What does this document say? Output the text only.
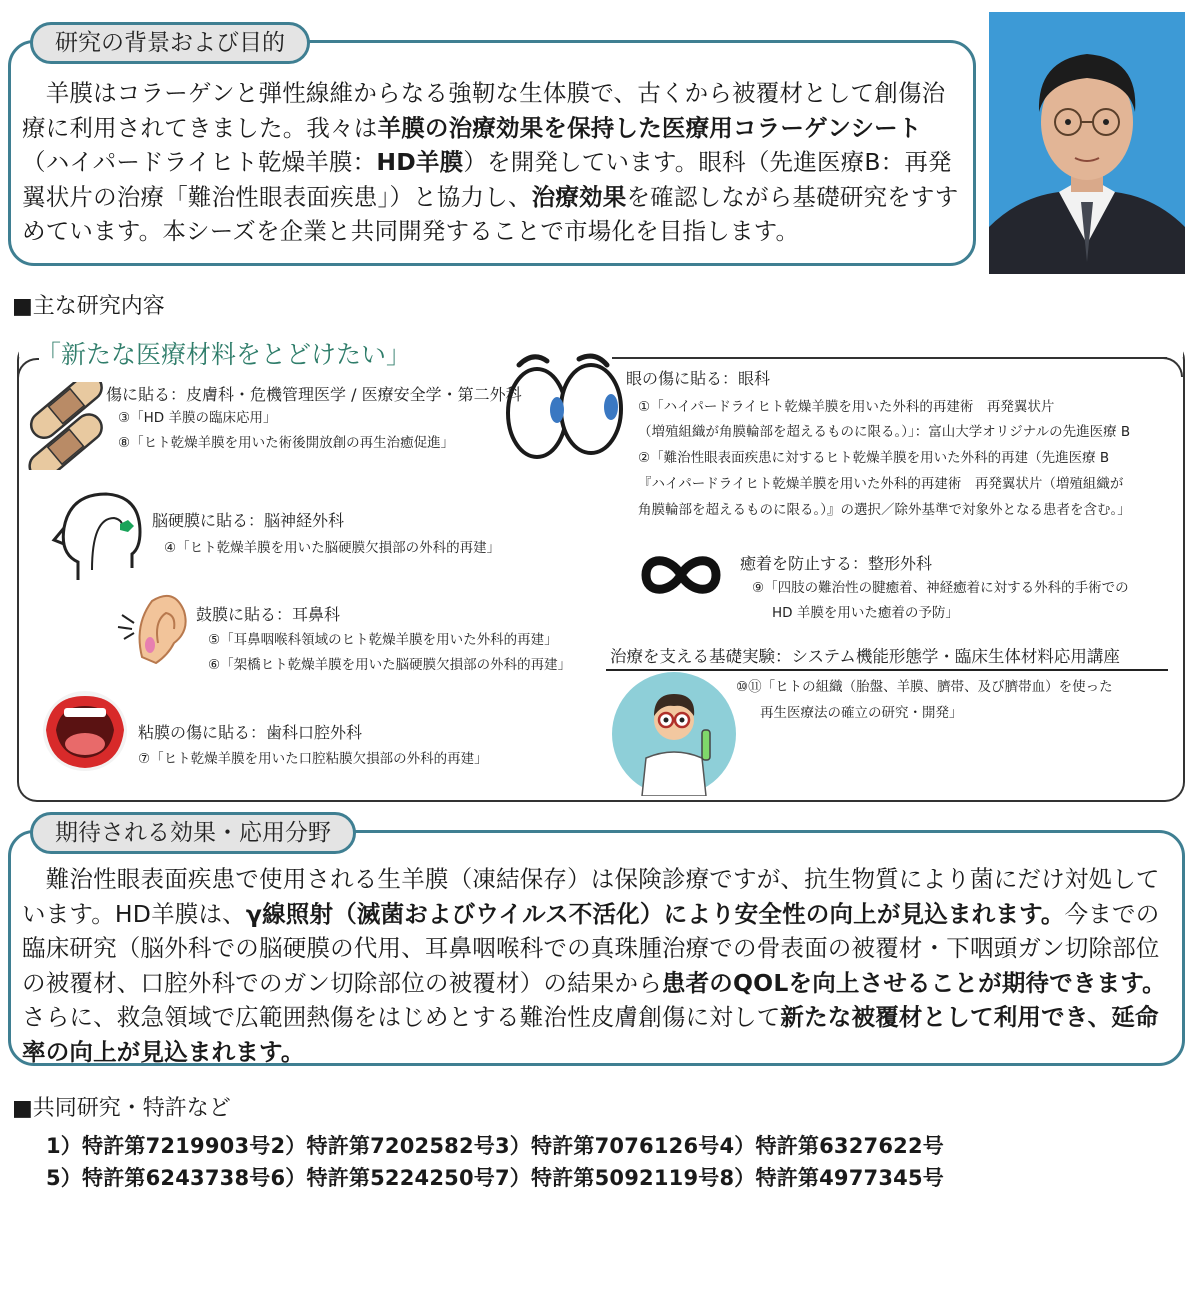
研究の背景および目的
　羊膜はコラーゲンと弾性線維からなる強靭な生体膜で、古くから被覆材として創傷治療に利用されてきました。我々は羊膜の治療効果を保持した医療用コラーゲンシート（ハイパードライヒト乾燥羊膜：HD羊膜）を開発しています。眼科（先進医療B：再発翼状片の治療「難治性眼表面疾患」）と協力し、治療効果を確認しながら基礎研究をすすめています。本シーズを企業と共同開発することで市場化を目指します。
■主な研究内容
「新たな医療材料をとどけたい」
傷に貼る：皮膚科・危機管理医学 / 医療安全学・第二外科
③「HD 羊膜の臨床応用」
⑧「ヒト乾燥羊膜を用いた術後開放創の再生治癒促進」
脳硬膜に貼る：脳神経外科
④「ヒト乾燥羊膜を用いた脳硬膜欠損部の外科的再建」
鼓膜に貼る：耳鼻科
⑤「耳鼻咽喉科領域のヒト乾燥羊膜を用いた外科的再建」
⑥「架橋ヒト乾燥羊膜を用いた脳硬膜欠損部の外科的再建」
粘膜の傷に貼る：歯科口腔外科
⑦「ヒト乾燥羊膜を用いた口腔粘膜欠損部の外科的再建」
眼の傷に貼る：眼科
①「ハイパードライヒト乾燥羊膜を用いた外科的再建術　再発翼状片
（増殖組織が角膜輪部を超えるものに限る。）」：富山大学オリジナルの先進医療 B
②「難治性眼表面疾患に対するヒト乾燥羊膜を用いた外科的再建（先進医療 B
『ハイパードライヒト乾燥羊膜を用いた外科的再建術　再発翼状片（増殖組織が
角膜輪部を超えるものに限る。）』の選択／除外基準で対象外となる患者を含む。」
癒着を防止する：整形外科
⑨「四肢の難治性の腱癒着、神経癒着に対する外科的手術での
HD 羊膜を用いた癒着の予防」
治療を支える基礎実験：システム機能形態学・臨床生体材料応用講座
⑩⑪「ヒトの組織（胎盤、羊膜、臍帯、及び臍帯血）を使った
再生医療法の確立の研究・開発」
期待される効果・応用分野
　難治性眼表面疾患で使用される生羊膜（凍結保存）は保険診療ですが、抗生物質により菌にだけ対処しています。HD羊膜は、γ線照射（滅菌およびウイルス不活化）により安全性の向上が見込まれます。今までの臨床研究（脳外科での脳硬膜の代用、耳鼻咽喉科での真珠腫治療での骨表面の被覆材・下咽頭ガン切除部位の被覆材、口腔外科でのガン切除部位の被覆材）の結果から患者のQOLを向上させることが期待できます。さらに、救急領域で広範囲熱傷をはじめとする難治性皮膚創傷に対して新たな被覆材として利用でき、延命率の向上が見込まれます。
■共同研究・特許など
1）特許第7219903号2）特許第7202582号3）特許第7076126号4）特許第6327622号
5）特許第6243738号6）特許第5224250号7）特許第5092119号8）特許第4977345号
